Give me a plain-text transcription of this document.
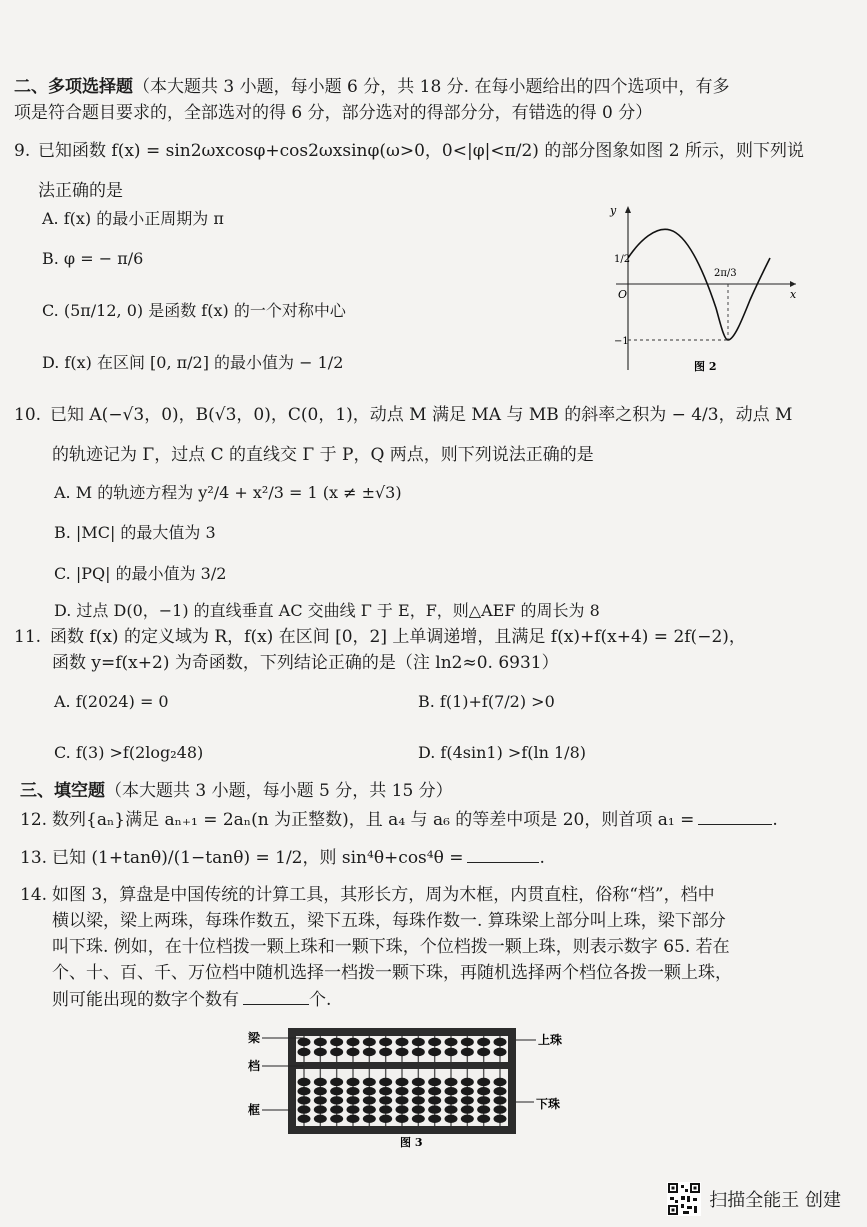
二、多项选择题（本大题共 3 小题，每小题 6 分，共 18 分. 在每小题给出的四个选项中，有多
项是符合题目要求的，全部选对的得 6 分，部分选对的得部分分，有错选的得 0 分）
9. 已知函数 f(x) = sin2ωxcosφ+cos2ωxsinφ(ω>0，0<|φ|<π/2) 的部分图象如图 2 所示，则下列说
法正确的是
A. f(x) 的最小正周期为 π
B. φ = − π/6
C. (5π/12, 0) 是函数 f(x) 的一个对称中心
D. f(x) 在区间 [0, π/2] 的最小值为 − 1/2
y
x
O
1/2
−1
2π/3
图 2
10. 已知 A(−√3，0)，B(√3，0)，C(0，1)，动点 M 满足 MA 与 MB 的斜率之积为 − 4/3，动点 M
的轨迹记为 Γ，过点 C 的直线交 Γ 于 P，Q 两点，则下列说法正确的是
A. M 的轨迹方程为 y²/4 + x²/3 = 1 (x ≠ ±√3)
B. |MC| 的最大值为 3
C. |PQ| 的最小值为 3/2
D. 过点 D(0，−1) 的直线垂直 AC 交曲线 Γ 于 E，F，则△AEF 的周长为 8
11. 函数 f(x) 的定义域为 R，f(x) 在区间 [0，2] 上单调递增，且满足 f(x)+f(x+4) = 2f(−2)，
函数 y=f(x+2) 为奇函数，下列结论正确的是（注 ln2≈0. 6931）
A. f(2024) = 0	B. f(1)+f(7/2) >0
C. f(3) >f(2log₂48)	D. f(4sin1) >f(ln 1/8)
三、填空题（本大题共 3 小题，每小题 5 分，共 15 分）
12. 数列{aₙ}满足 aₙ₊₁ = 2aₙ(n 为正整数)，且 a₄ 与 a₆ 的等差中项是 20，则首项 a₁ =	.
13. 已知 (1+tanθ)/(1−tanθ) = 1/2，则 sin⁴θ+cos⁴θ =	.
14. 如图 3，算盘是中国传统的计算工具，其形长方，周为木框，内贯直柱，俗称“档”，档中
横以梁，梁上两珠，每珠作数五，梁下五珠，每珠作数一. 算珠梁上部分叫上珠，梁下部分
叫下珠. 例如，在十位档拨一颗上珠和一颗下珠，个位档拨一颗上珠，则表示数字 65. 若在
个、十、百、千、万位档中随机选择一档拨一颗下珠，再随机选择两个档位各拨一颗上珠，
则可能出现的数字个数有	个.
梁
档
框
上珠
下珠
图 3
扫描全能王 创建
